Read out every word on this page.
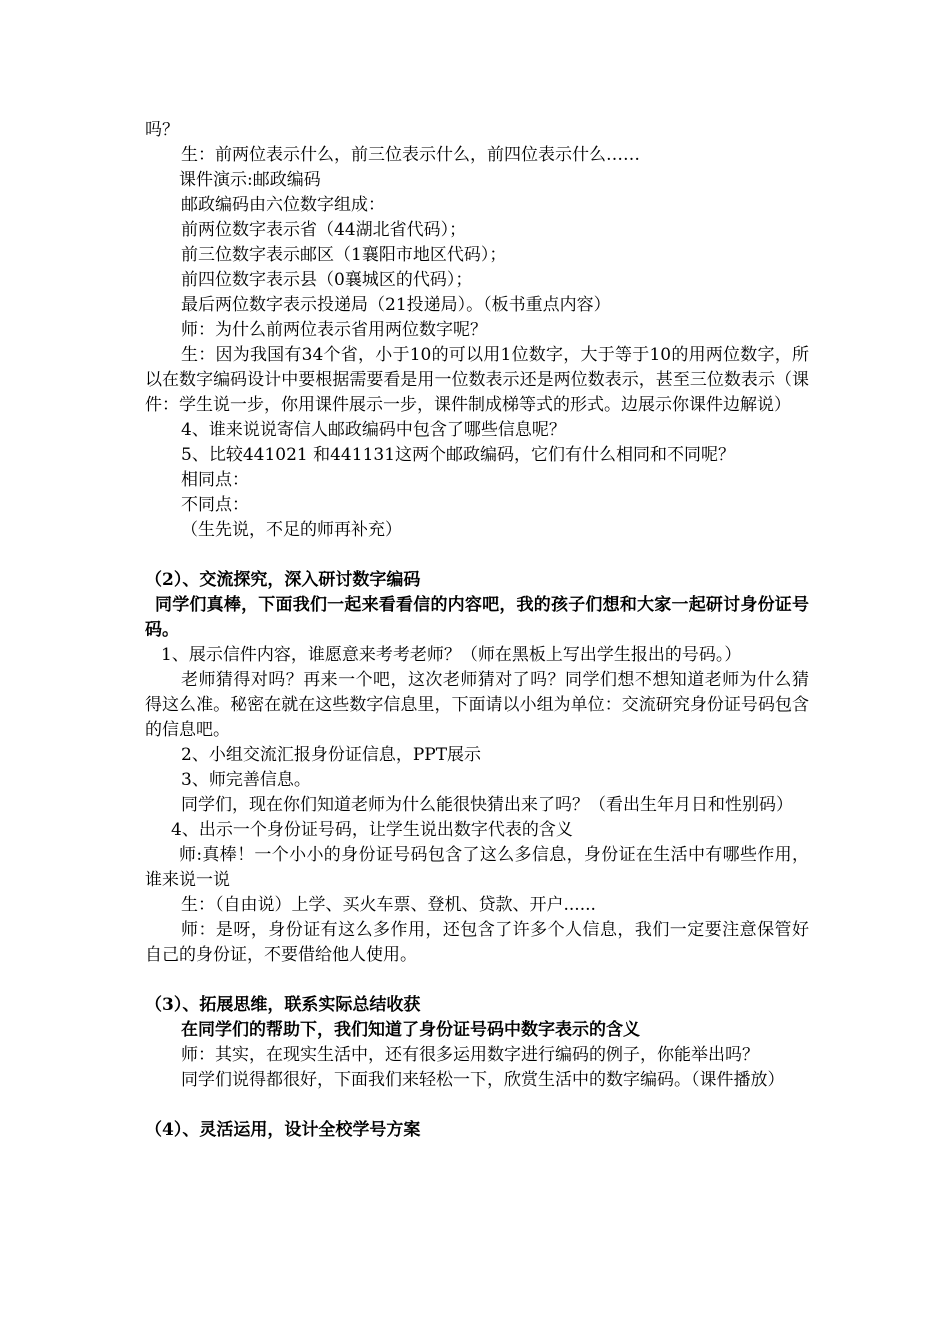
吗？

生：前两位表示什么，前三位表示什么，前四位表示什么……

课件演示:邮政编码

邮政编码由六位数字组成：

前两位数字表示省（44湖北省代码）；

前三位数字表示邮区（1襄阳市地区代码）；

前四位数字表示县（0襄城区的代码）；

最后两位数字表示投递局（21投递局）。（板书重点内容）

师：为什么前两位表示省用两位数字呢？

生：因为我国有34个省，小于10的可以用1位数字，大于等于10的用两位数字，所以在数字编码设计中要根据需要看是用一位数表示还是两位数表示，甚至三位数表示（课件：学生说一步，你用课件展示一步，课件制成梯等式的形式。边展示你课件边解说）

4、谁来说说寄信人邮政编码中包含了哪些信息呢？

5、比较441021 和441131这两个邮政编码，它们有什么相同和不同呢？

相同点：

不同点：

（生先说，不足的师再补充）

（2）、交流探究，深入研讨数字编码

同学们真棒，下面我们一起来看看信的内容吧，我的孩子们想和大家一起研讨身份证号码。

1、展示信件内容，谁愿意来考考老师？（师在黑板上写出学生报出的号码。）

老师猜得对吗？再来一个吧，这次老师猜对了吗？同学们想不想知道老师为什么猜得这么准。秘密在就在这些数字信息里，下面请以小组为单位：交流研究身份证号码包含的信息吧。

2、小组交流汇报身份证信息，PPT展示

3、师完善信息。

同学们，现在你们知道老师为什么能很快猜出来了吗？（看出生年月日和性别码）

4、出示一个身份证号码，让学生说出数字代表的含义

师:真棒！一个小小的身份证号码包含了这么多信息，身份证在生活中有哪些作用，谁来说一说

生：（自由说）上学、买火车票、登机、贷款、开户......

师：是呀，身份证有这么多作用，还包含了许多个人信息，我们一定要注意保管好自己的身份证，不要借给他人使用。

（3）、拓展思维，联系实际总结收获

在同学们的帮助下，我们知道了身份证号码中数字表示的含义

师：其实，在现实生活中，还有很多运用数字进行编码的例子，你能举出吗？

同学们说得都很好，下面我们来轻松一下，欣赏生活中的数字编码。（课件播放）

（4）、灵活运用，设计全校学号方案
